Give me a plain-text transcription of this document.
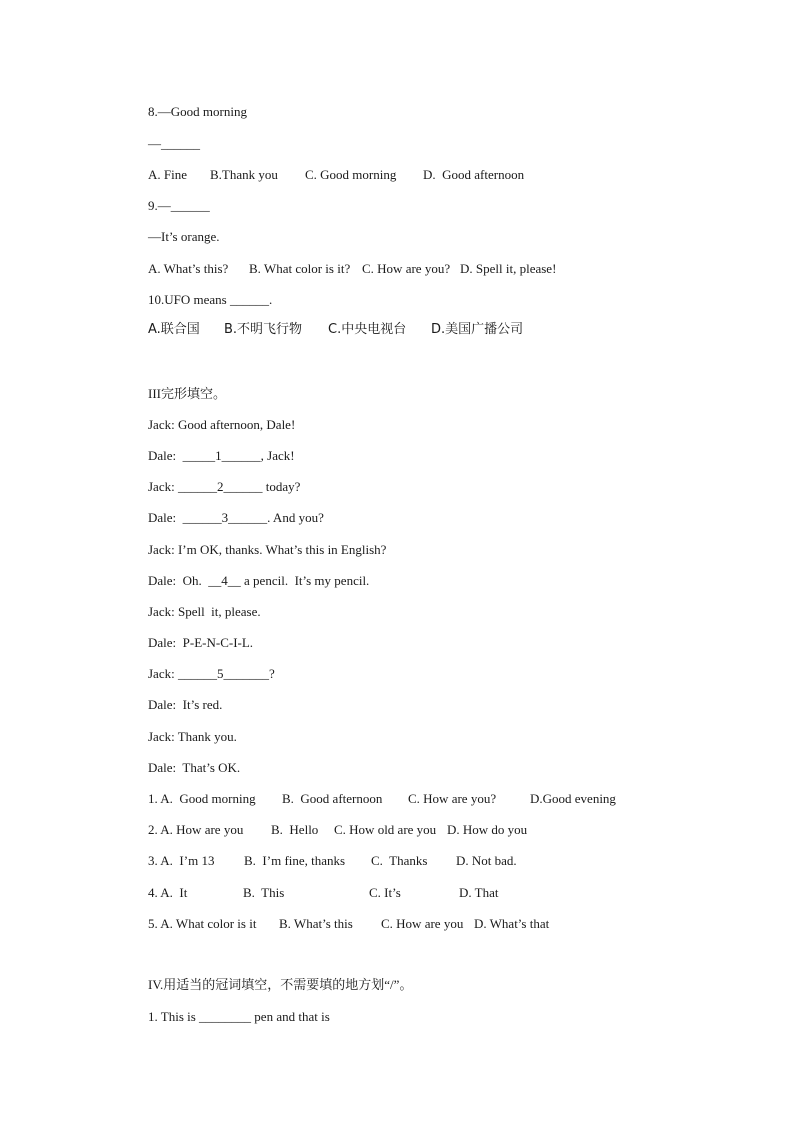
8.—Good morning
—______

A. Fine

B.Thank you

C. Good morning

D.  Good afternoon

9.—______
—It’s orange.

A. What’s this?

B. What color is it?

C. How are you?

D. Spell it, please!

10.UFO means ______.

A.联合国

B.不明飞行物

C.中央电视台

D.美国广播公司

III完形填空。
Jack: Good afternoon, Dale!
Dale:  _____1______, Jack!
Jack: ______2______ today?
Dale:  ______3______. And you?
Jack: I’m OK, thanks. What’s this in English?
Dale:  Oh.  __4__ a pencil.  It’s my pencil.
Jack: Spell  it, please.
Dale:  P-E-N-C-I-L.
Jack: ______5_______?
Dale:  It’s red.
Jack: Thank you.
Dale:  That’s OK.

1. A.  Good morning

B.  Good afternoon

C. How are you?

	D.Good evening

2. A. How are you

B.  Hello

C. How old are you

D. How do you

3. A.  I’m 13

B.  I’m fine, thanks

C.  Thanks

D. Not bad.

4. A.  It

	B.  This

	C. It’s

	D. That

5. A. What color is it

B. What’s this

C. How are you

D. What’s that

IV.用适当的冠词填空，不需要填的地方划“/”。
1. This is ________ pen and that is
